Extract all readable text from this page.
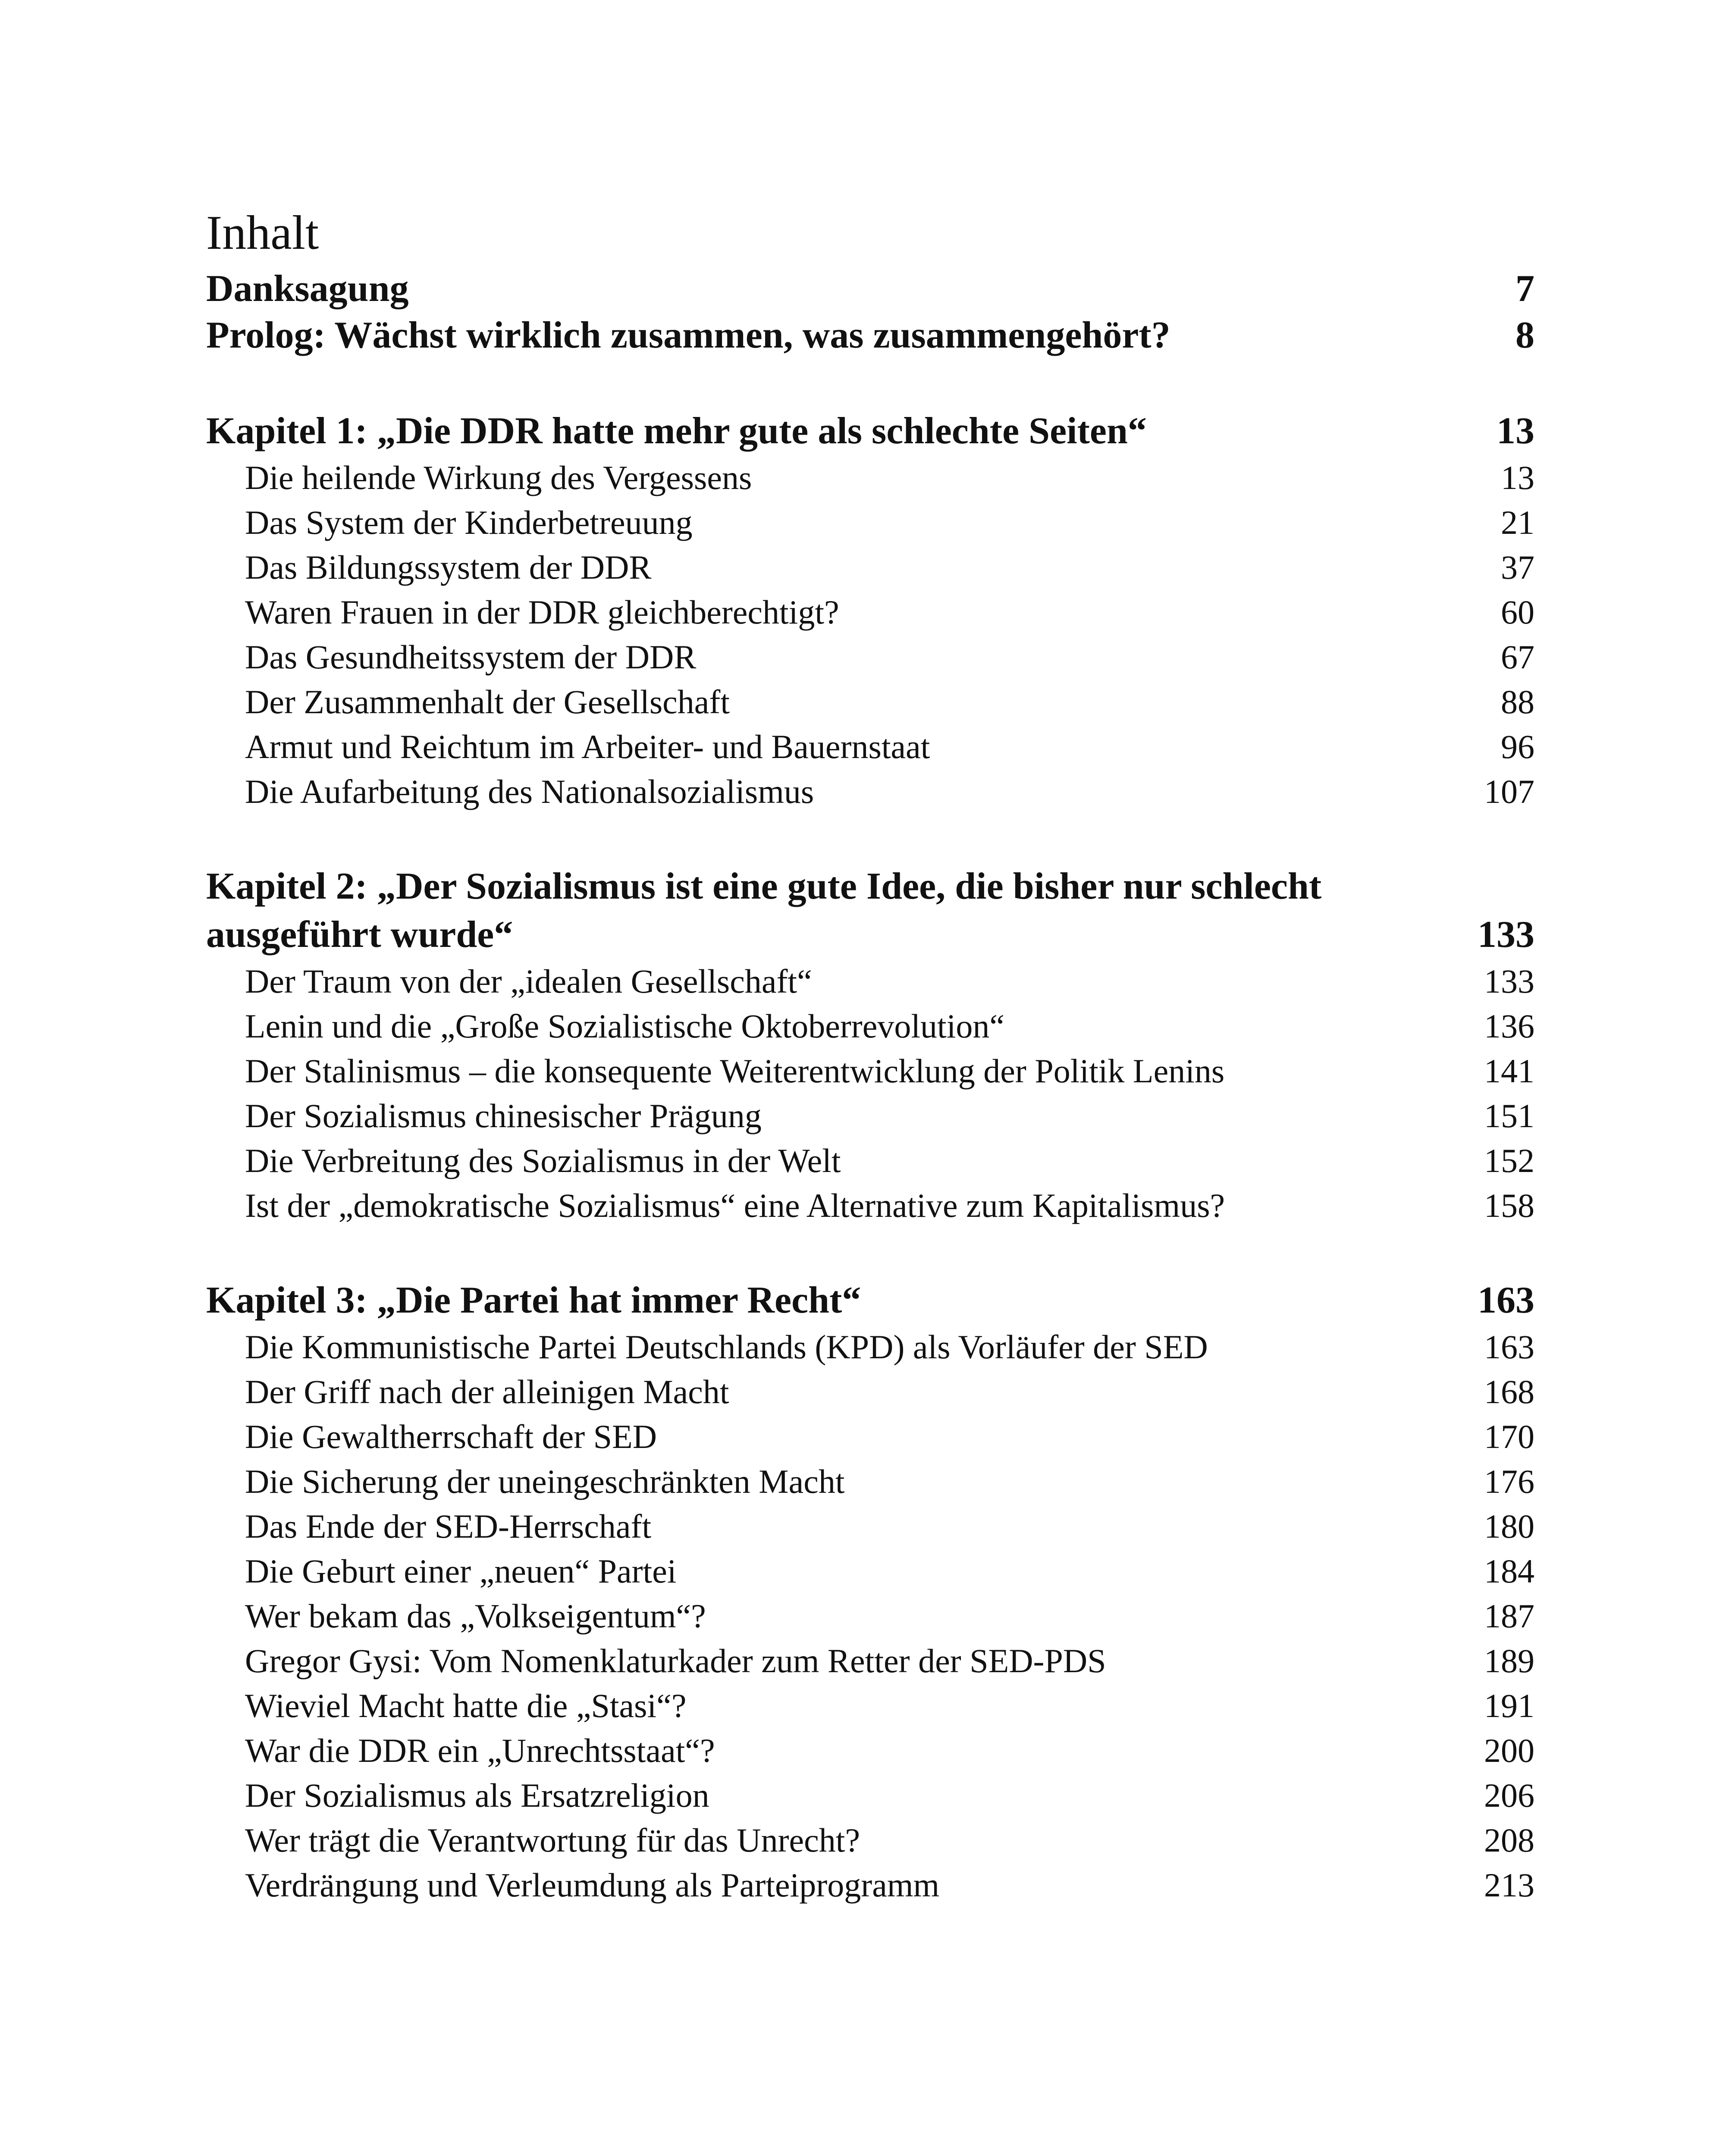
Inhalt
Danksagung	7
Prolog: Wächst wirklich zusammen, was zusammengehört?	8
Kapitel 1: „Die DDR hatte mehr gute als schlechte Seiten“	13
Die heilende Wirkung des Vergessens	13
Das System der Kinderbetreuung	21
Das Bildungssystem der DDR	37
Waren Frauen in der DDR gleichberechtigt?	60
Das Gesundheitssystem der DDR	67
Der Zusammenhalt der Gesellschaft	88
Armut und Reichtum im Arbeiter- und Bauernstaat	96
Die Aufarbeitung des Nationalsozialismus	107
Kapitel 2: „Der Sozialismus ist eine gute Idee, die bisher nur schlecht
ausgeführt wurde“	133
Der Traum von der „idealen Gesellschaft“	133
Lenin und die „Große Sozialistische Oktoberrevolution“	136
Der Stalinismus – die konsequente Weiterentwicklung der Politik Lenins	141
Der Sozialismus chinesischer Prägung	151
Die Verbreitung des Sozialismus in der Welt	152
Ist der „demokratische Sozialismus“ eine Alternative zum Kapitalismus?	158
Kapitel 3: „Die Partei hat immer Recht“	163
Die Kommunistische Partei Deutschlands (KPD) als Vorläufer der SED	163
Der Griff nach der alleinigen Macht	168
Die Gewaltherrschaft der SED	170
Die Sicherung der uneingeschränkten Macht	176
Das Ende der SED-Herrschaft	180
Die Geburt einer „neuen“ Partei	184
Wer bekam das „Volkseigentum“?	187
Gregor Gysi: Vom Nomenklaturkader zum Retter der SED-PDS	189
Wieviel Macht hatte die „Stasi“?	191
War die DDR ein „Unrechtsstaat“?	200
Der Sozialismus als Ersatzreligion	206
Wer trägt die Verantwortung für das Unrecht?	208
Verdrängung und Verleumdung als Parteiprogramm	213
